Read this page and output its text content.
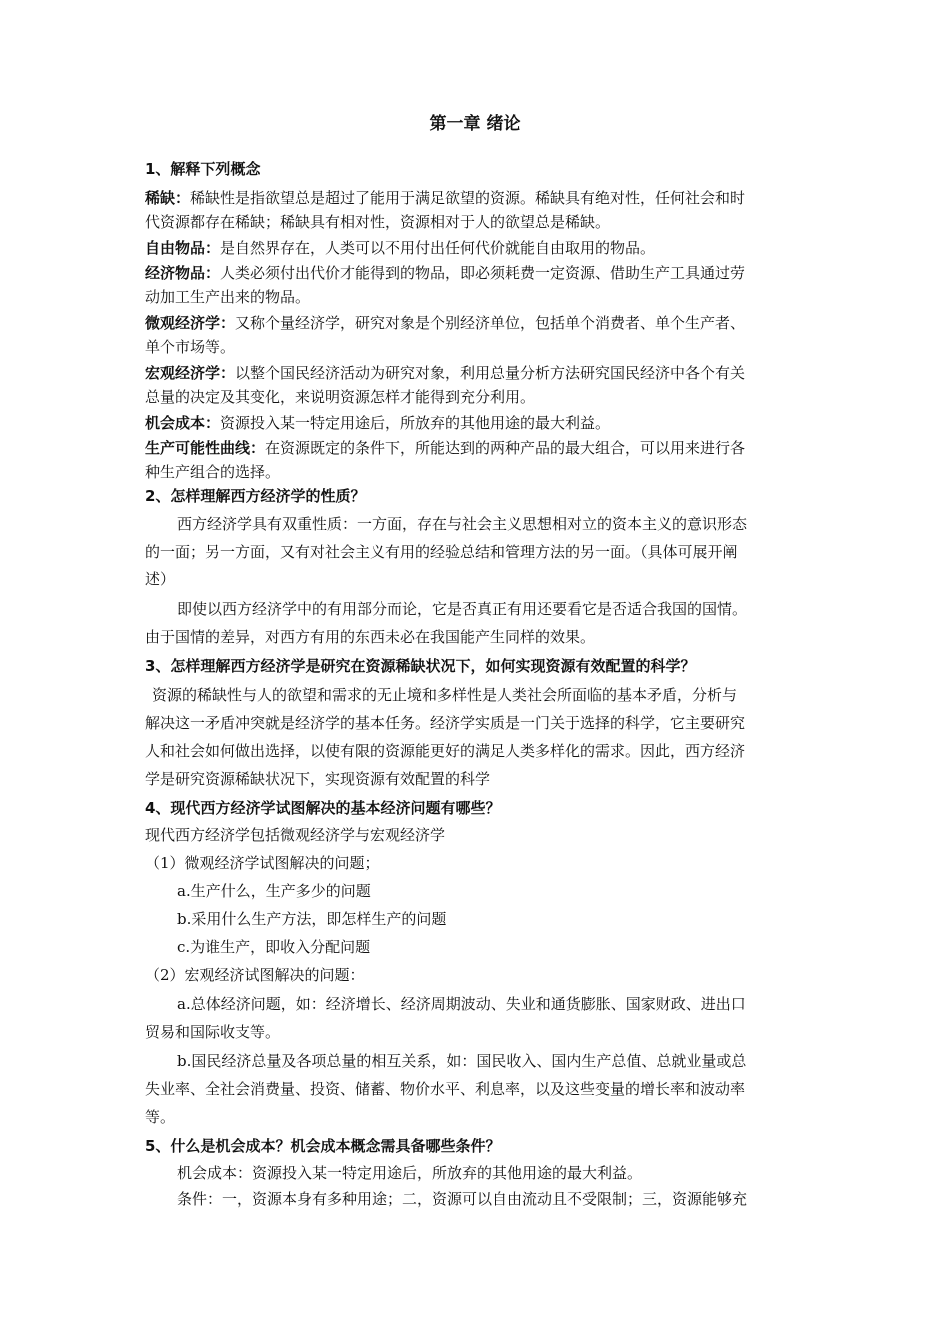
第一章 绪论
1、解释下列概念
稀缺：稀缺性是指欲望总是超过了能用于满足欲望的资源。稀缺具有绝对性，任何社会和时
代资源都存在稀缺；稀缺具有相对性，资源相对于人的欲望总是稀缺。
自由物品：是自然界存在，人类可以不用付出任何代价就能自由取用的物品。
经济物品：人类必须付出代价才能得到的物品，即必须耗费一定资源、借助生产工具通过劳
动加工生产出来的物品。
微观经济学：又称个量经济学，研究对象是个别经济单位，包括单个消费者、单个生产者、
单个市场等。
宏观经济学：以整个国民经济活动为研究对象，利用总量分析方法研究国民经济中各个有关
总量的决定及其变化，来说明资源怎样才能得到充分利用。
机会成本：资源投入某一特定用途后，所放弃的其他用途的最大利益。
生产可能性曲线：在资源既定的条件下，所能达到的两种产品的最大组合，可以用来进行各
种生产组合的选择。
2、怎样理解西方经济学的性质？
西方经济学具有双重性质：一方面，存在与社会主义思想相对立的资本主义的意识形态
的一面；另一方面，又有对社会主义有用的经验总结和管理方法的另一面。（具体可展开阐
述）
即使以西方经济学中的有用部分而论，它是否真正有用还要看它是否适合我国的国情。
由于国情的差异，对西方有用的东西未必在我国能产生同样的效果。
3、怎样理解西方经济学是研究在资源稀缺状况下，如何实现资源有效配置的科学？
资源的稀缺性与人的欲望和需求的无止境和多样性是人类社会所面临的基本矛盾，分析与
解决这一矛盾冲突就是经济学的基本任务。经济学实质是一门关于选择的科学，它主要研究
人和社会如何做出选择，以使有限的资源能更好的满足人类多样化的需求。因此，西方经济
学是研究资源稀缺状况下，实现资源有效配置的科学
4、现代西方经济学试图解决的基本经济问题有哪些？
现代西方经济学包括微观经济学与宏观经济学
（1）微观经济学试图解决的问题；
a.生产什么，生产多少的问题
b.采用什么生产方法，即怎样生产的问题
c.为谁生产，即收入分配问题
（2）宏观经济试图解决的问题：
a.总体经济问题，如：经济增长、经济周期波动、失业和通货膨胀、国家财政、进出口
贸易和国际收支等。
b.国民经济总量及各项总量的相互关系，如：国民收入、国内生产总值、总就业量或总
失业率、全社会消费量、投资、储蓄、物价水平、利息率，以及这些变量的增长率和波动率
等。
5、什么是机会成本？机会成本概念需具备哪些条件？
机会成本：资源投入某一特定用途后，所放弃的其他用途的最大利益。
条件：一，资源本身有多种用途；二，资源可以自由流动且不受限制；三，资源能够充
